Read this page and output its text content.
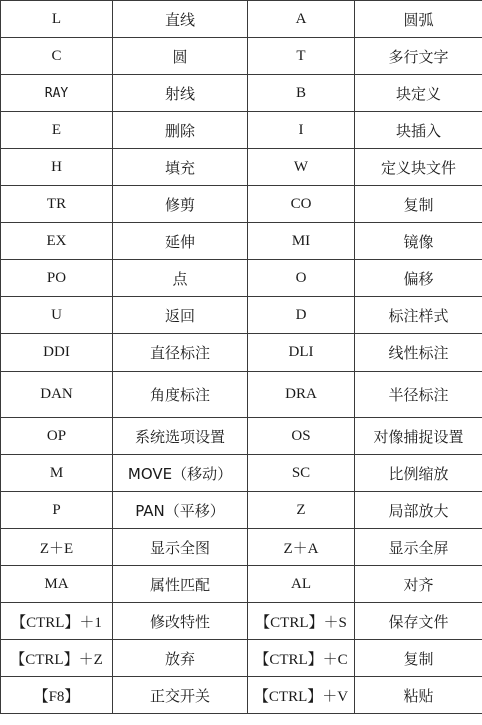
L	直线	A	圆弧
C	圆	T	多行文字
RAY	射线	B	块定义
E	删除	I	块插入
H	填充	W	定义块文件
TR	修剪	CO	复制
EX	延伸	MI	镜像
PO	点	O	偏移
U	返回	D	标注样式
DDI	直径标注	DLI	线性标注
DAN	角度标注	DRA	半径标注
OP	系统选项设置	OS	对像捕捉设置
M	MOVE（移动）	SC	比例缩放
P	PAN（平移）	Z	局部放大
Z＋E	显示全图	Z＋A	显示全屏
MA	属性匹配	AL	对齐
【CTRL】＋1	修改特性	【CTRL】＋S	保存文件
【CTRL】＋Z	放弃	【CTRL】＋C	复制
【F8】	正交开关	【CTRL】＋V	粘贴
